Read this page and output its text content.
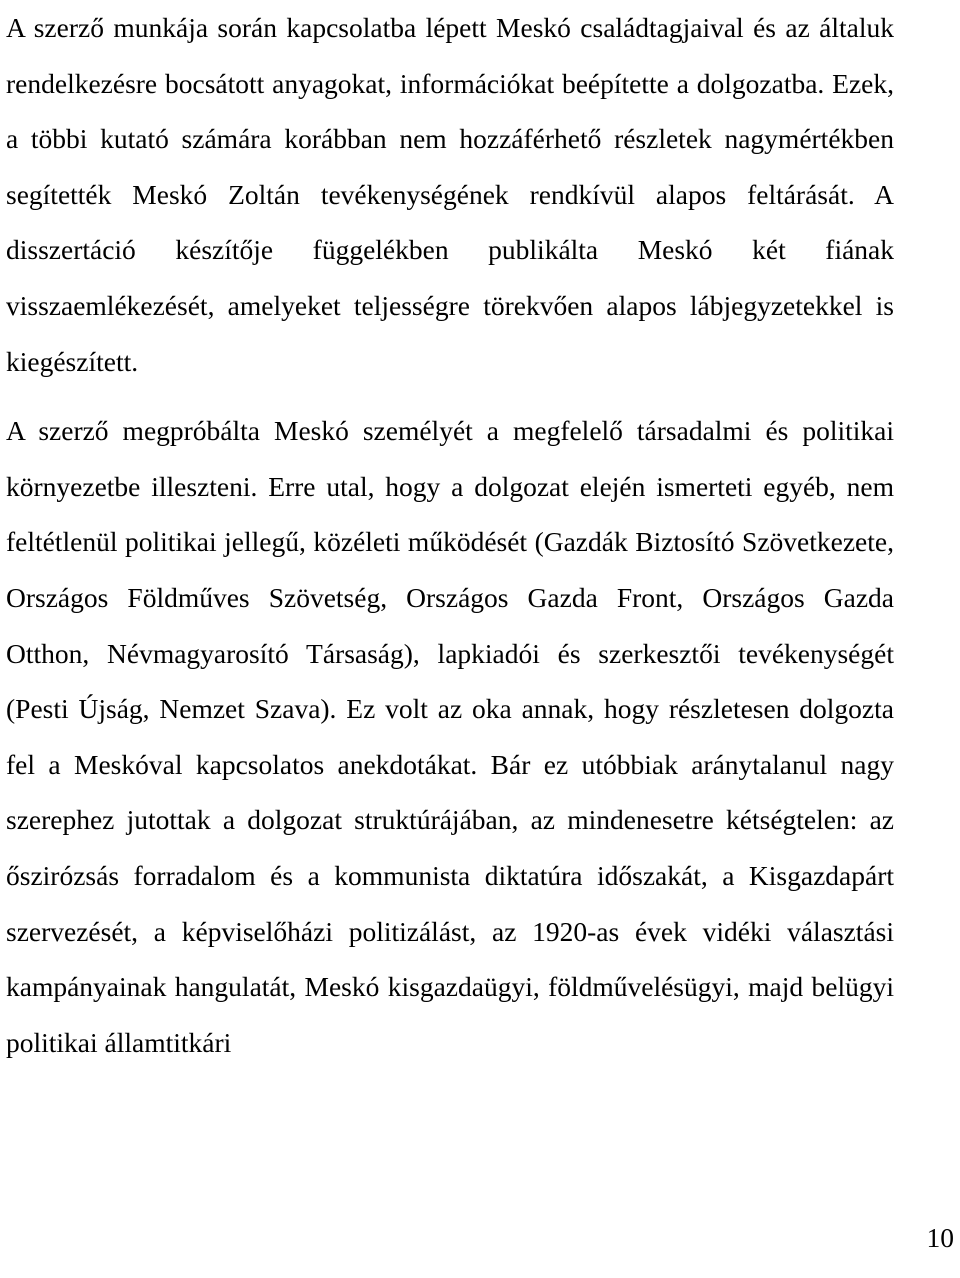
A szerző munkája során kapcsolatba lépett Meskó családtagjaival és az általuk rendelkezésre bocsátott anyagokat, információkat beépítette a dolgozatba. Ezek, a többi kutató számára korábban nem hozzáférhető részletek nagymértékben segítették Meskó Zoltán tevékenységének rendkívül alapos feltárását. A disszertáció készítője függelékben publikálta Meskó két fiának visszaemlékezését, amelyeket teljességre törekvően alapos lábjegyzetekkel is kiegészített.

A szerző megpróbálta Meskó személyét a megfelelő társadalmi és politikai környezetbe illeszteni. Erre utal, hogy a dolgozat elején ismerteti egyéb, nem feltétlenül politikai jellegű, közéleti működését (Gazdák Biztosító Szövetkezete, Országos Földműves Szövetség, Országos Gazda Front, Országos Gazda Otthon, Névmagyarosító Társaság), lapkiadói és szerkesztői tevékenységét (Pesti Újság, Nemzet Szava). Ez volt az oka annak, hogy részletesen dolgozta fel a Meskóval kapcsolatos anekdotákat. Bár ez utóbbiak aránytalanul nagy szerephez jutottak a dolgozat struktúrájában, az mindenesetre kétségtelen: az őszirózsás forradalom és a kommunista diktatúra időszakát, a Kisgazdapárt szervezését, a képviselőházi politizálást, az 1920-as évek vidéki választási kampányainak hangulatát, Meskó kisgazdaügyi, földművelésügyi, majd belügyi politikai államtitkári

10
